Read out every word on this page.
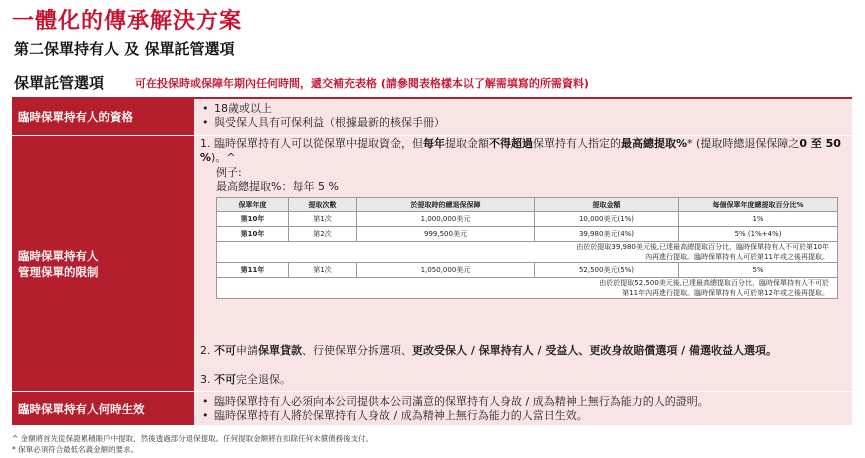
一體化的傳承解決方案
第二保單持有人 及 保單託管選項
保單託管選項	可在投保時或保障年期內任何時間，遞交補充表格 (請參閱表格樣本以了解需填寫的所需資料)
臨時保單持有人的資格
• 18歲或以上
• 與受保人具有可保利益（根據最新的核保手冊）
臨時保單持有人
管理保單的限制
1. 臨時保單持有人可以從保單中提取資金，但每年提取金額不得超過保單持有人指定的最高總提取%* (提取時總退保保障之0 至 50 %)。^
例子:
最高總提取%：每年 5 %
保單年度	提取次數	於提取時的總退保保障	提取金額	每個保單年度總提取百分比%
第10年	第1次	1,000,000美元	10,000美元(1%)	1%
第10年	第2次	999,500美元	39,980美元(4%)	5% (1%+4%)

由於於提取39,980美元後,已達最高總提取百分比，臨時保單持有人不可於第10年
內再進行提取。臨時保單持有人可於第11年或之後再提取。				

第11年	第1次	1,050,000美元	52,500美元(5%)	5%

由於於提取52,500美元後,已達最高總提取百分比，臨時保單持有人不可於
第11年內再進行提取。臨時保單持有人可於第12年或之後再提取。				
2. 不可申請保單貸款、行使保單分拆選項、更改受保人 / 保單持有人 / 受益人、更改身故賠償選項 / 備選收益人選項。
3. 不可完全退保。
臨時保單持有人何時生效	• 臨時保單持有人必須向本公司提供本公司滿意的保單持有人身故 / 成為精神上無行為能力的人的證明。
• 臨時保單持有人將於保單持有人身故 / 成為精神上無行為能力的人當日生效。
^ 金額將首先從保證累積賬戶中提取，然後透過部分退保提取。任何提取金額將在扣除任何未償債務後支付。
* 保單必須符合最低名義金額的要求。
